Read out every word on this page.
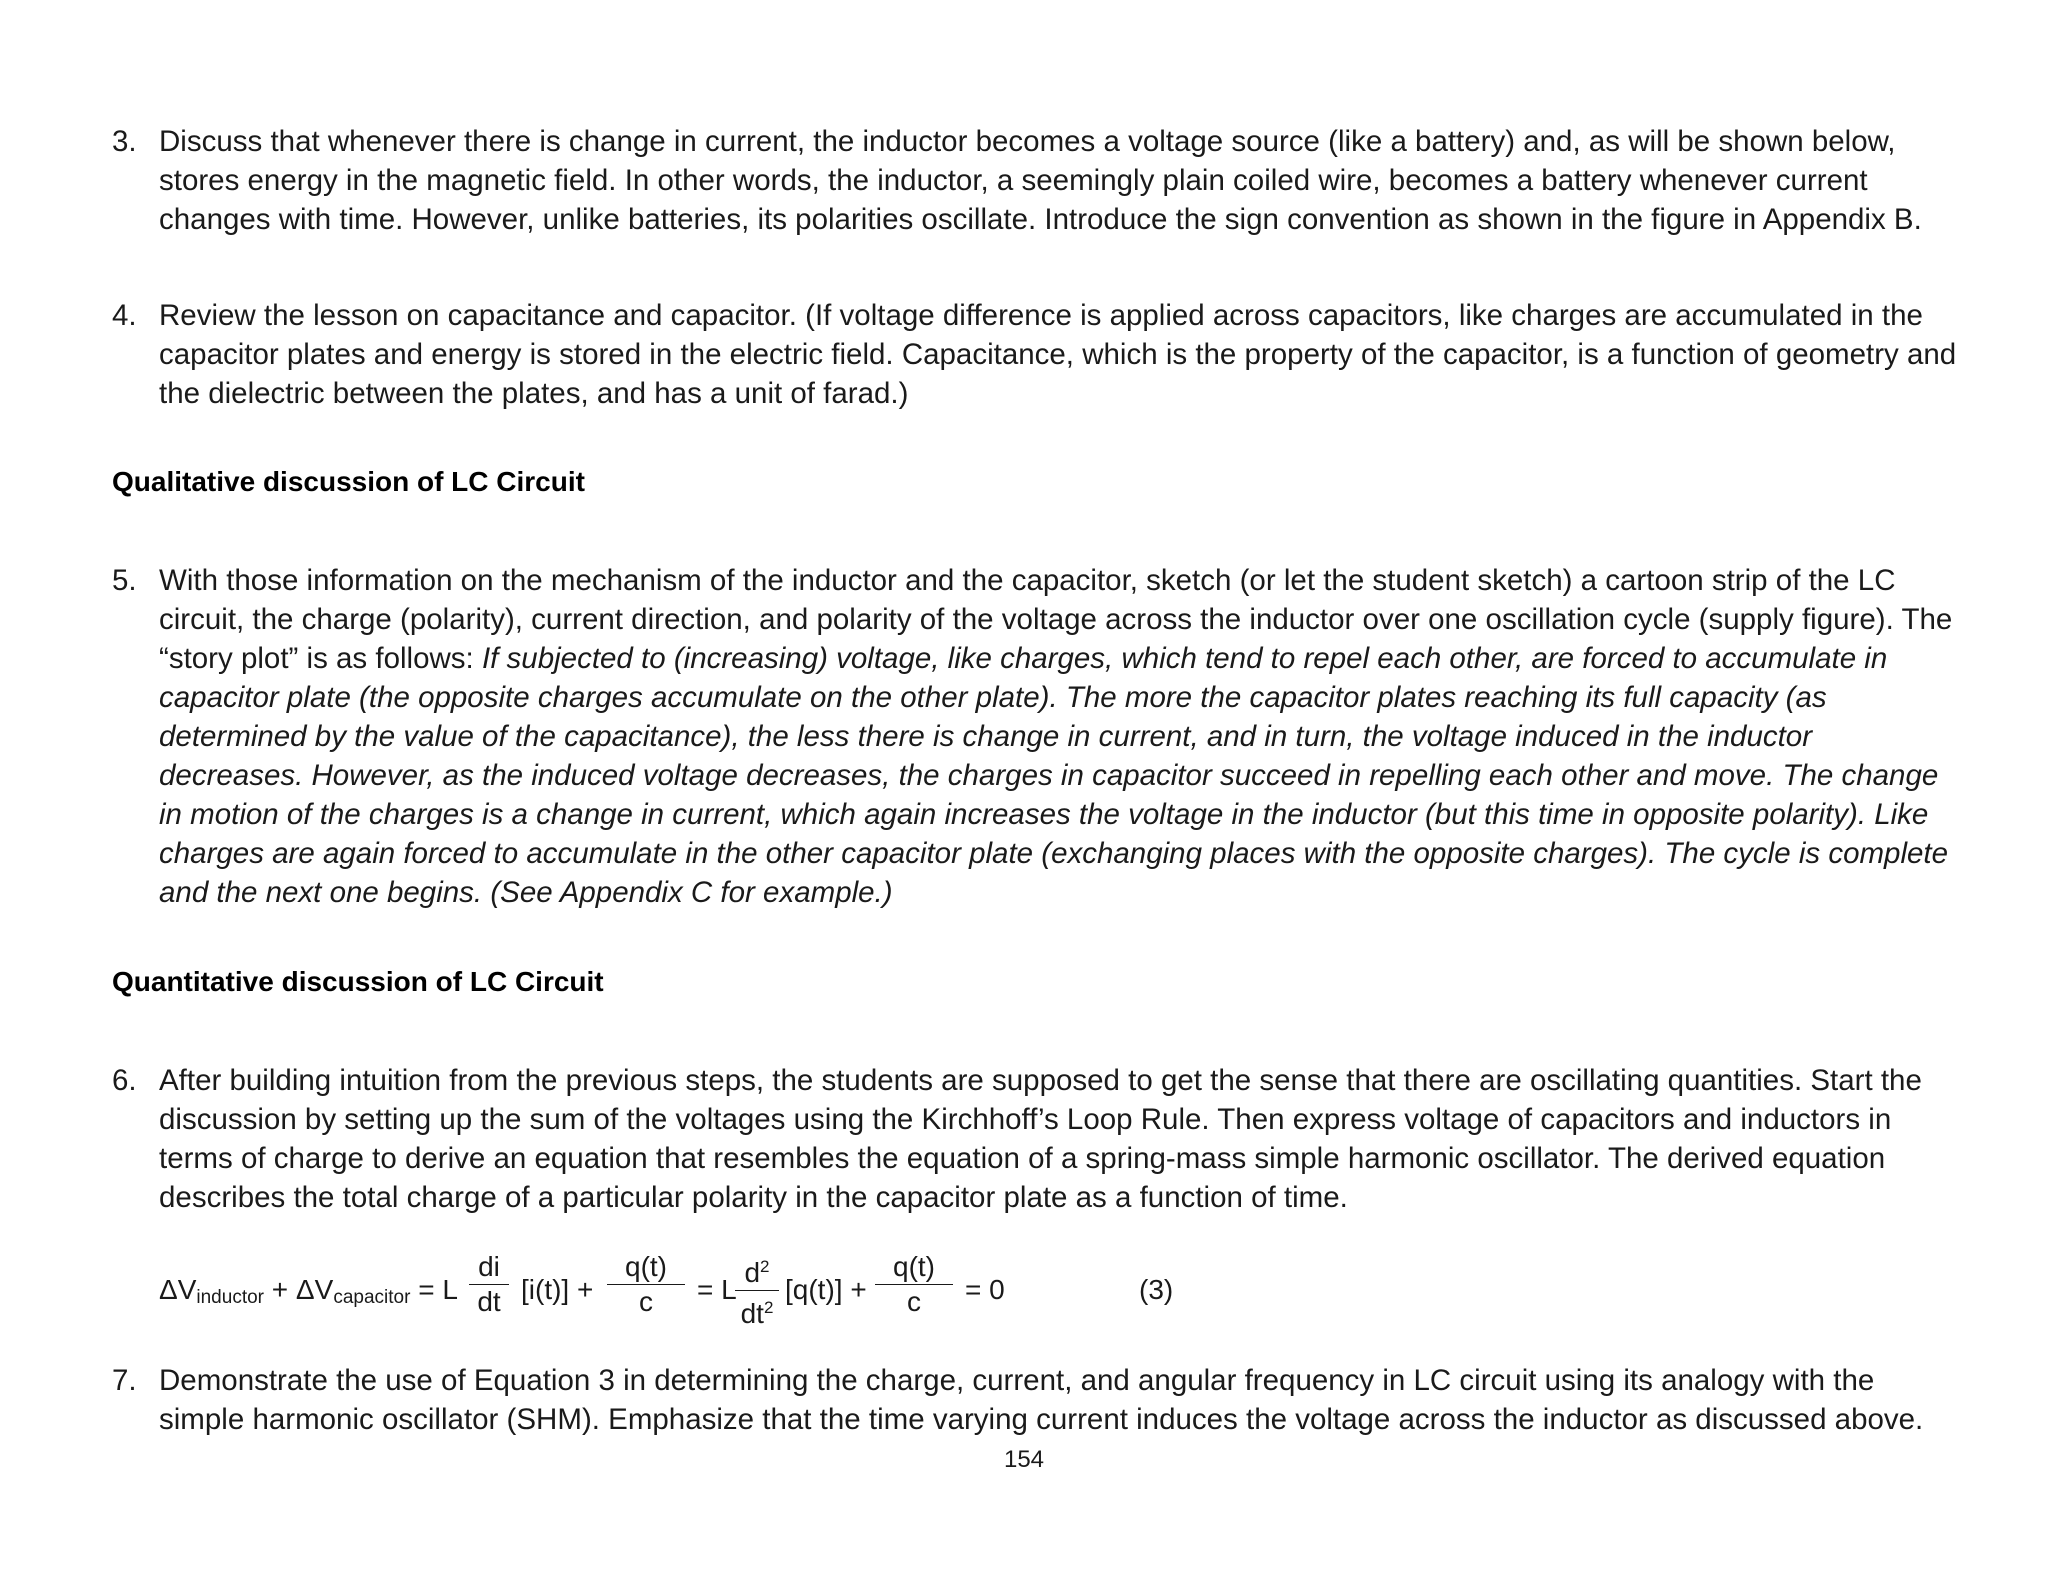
3. Discuss that whenever there is change in current, the inductor becomes a voltage source (like a battery) and, as will be shown below, stores energy in the magnetic field. In other words, the inductor, a seemingly plain coiled wire, becomes a battery whenever current changes with time. However, unlike batteries, its polarities oscillate. Introduce the sign convention as shown in the figure in Appendix B.
4. Review the lesson on capacitance and capacitor. (If voltage difference is applied across capacitors, like charges are accumulated in the capacitor plates and energy is stored in the electric field. Capacitance, which is the property of the capacitor, is a function of geometry and the dielectric between the plates, and has a unit of farad.)
Qualitative discussion of LC Circuit
5. With those information on the mechanism of the inductor and the capacitor, sketch (or let the student sketch) a cartoon strip of the LC circuit, the charge (polarity), current direction, and polarity of the voltage across the inductor over one oscillation cycle (supply figure). The “story plot” is as follows: If subjected to (increasing) voltage, like charges, which tend to repel each other, are forced to accumulate in capacitor plate (the opposite charges accumulate on the other plate). The more the capacitor plates reaching its full capacity (as determined by the value of the capacitance), the less there is change in current, and in turn, the voltage induced in the inductor decreases. However, as the induced voltage decreases, the charges in capacitor succeed in repelling each other and move. The change in motion of the charges is a change in current, which again increases the voltage in the inductor (but this time in opposite polarity). Like charges are again forced to accumulate in the other capacitor plate (exchanging places with the opposite charges). The cycle is complete and the next one begins. (See Appendix C for example.)
Quantitative discussion of LC Circuit
6. After building intuition from the previous steps, the students are supposed to get the sense that there are oscillating quantities. Start the discussion by setting up the sum of the voltages using the Kirchhoff’s Loop Rule. Then express voltage of capacitors and inductors in terms of charge to derive an equation that resembles the equation of a spring-mass simple harmonic oscillator. The derived equation describes the total charge of a particular polarity in the capacitor plate as a function of time.
$\Delta V_{inductor} + \Delta V_{capacitor} = L$
di
dt [i(t)] +
q(t)
c	= L
$d^2$
$dt^2$
[q(t)] +
q(t)
c	= 0	(3)
7. Demonstrate the use of Equation 3 in determining the charge, current, and angular frequency in LC circuit using its analogy with the simple harmonic oscillator (SHM). Emphasize that the time varying current induces the voltage across the inductor as discussed above.
154
